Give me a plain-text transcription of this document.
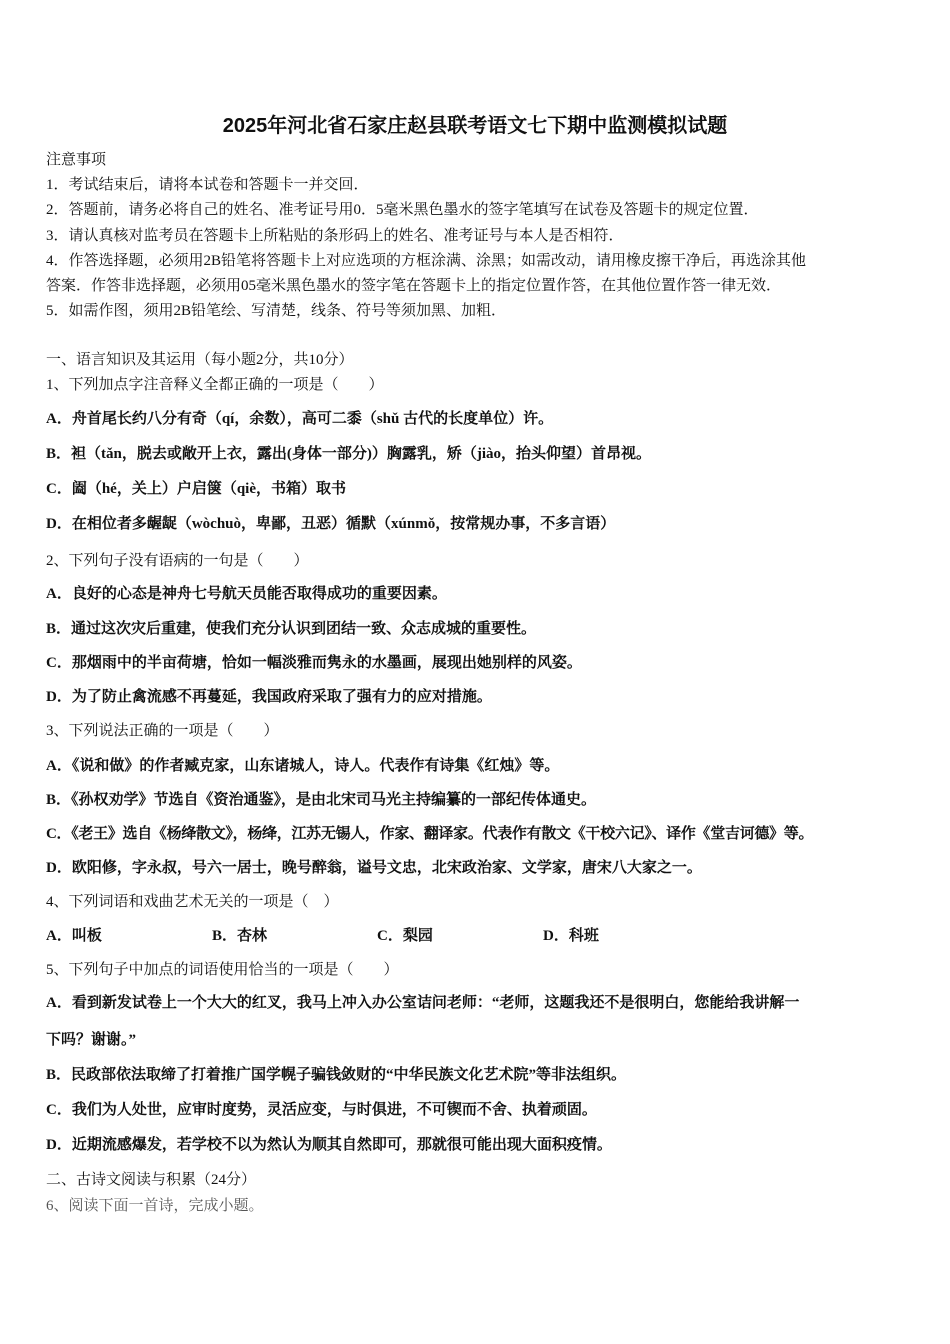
2025年河北省石家庄赵县联考语文七下期中监测模拟试题
注意事项
1．考试结束后，请将本试卷和答题卡一并交回．
2．答题前，请务必将自己的姓名、准考证号用0．5毫米黑色墨水的签字笔填写在试卷及答题卡的规定位置．
3．请认真核对监考员在答题卡上所粘贴的条形码上的姓名、准考证号与本人是否相符．
4．作答选择题，必须用2B铅笔将答题卡上对应选项的方框涂满、涂黑；如需改动，请用橡皮擦干净后，再选涂其他
答案．作答非选择题，必须用05毫米黑色墨水的签字笔在答题卡上的指定位置作答，在其他位置作答一律无效．
5．如需作图，须用2B铅笔绘、写清楚，线条、符号等须加黑、加粗．
一、语言知识及其运用（每小题2分，共10分）
1、下列加点字注音释义全都正确的一项是（　　）
A．舟首尾长约八分有奇（qí，余数），高可二黍（shǔ 古代的长度单位）许。
B．袒（tǎn，脱去或敞开上衣，露出(身体一部分)）胸露乳，矫（jiào，抬头仰望）首昂视。
C．阖（hé，关上）户启箧（qiè，书箱）取书
D．在相位者多龌龊（wòchuò，卑鄙，丑恶）循默（xúnmǒ，按常规办事，不多言语）
2、下列句子没有语病的一句是（　　）
A．良好的心态是神舟七号航天员能否取得成功的重要因素。
B．通过这次灾后重建，使我们充分认识到团结一致、众志成城的重要性。
C．那烟雨中的半亩荷塘，恰如一幅淡雅而隽永的水墨画，展现出她别样的风姿。
D．为了防止禽流感不再蔓延，我国政府采取了强有力的应对措施。
3、下列说法正确的一项是（　　）
A．《说和做》的作者臧克家，山东诸城人，诗人。代表作有诗集《红烛》等。
B．《孙权劝学》节选自《资治通鉴》，是由北宋司马光主持编纂的一部纪传体通史。
C．《老王》选自《杨绛散文》，杨绛，江苏无锡人，作家、翻译家。代表作有散文《干校六记》、译作《堂吉诃德》等。
D．欧阳修，字永叔，号六一居士，晚号醉翁，谥号文忠，北宋政治家、文学家，唐宋八大家之一。
4、下列词语和戏曲艺术无关的一项是（　）
A．叫板	B．杏林	C．梨园	D．科班
5、下列句子中加点的词语使用恰当的一项是（　　）
A．看到新发试卷上一个大大的红叉，我马上冲入办公室诘问老师：“老师，这题我还不是很明白，您能给我讲解一
下吗？谢谢。”
B．民政部依法取缔了打着推广国学幌子骗钱敛财的“中华民族文化艺术院”等非法组织。
C．我们为人处世，应审时度势，灵活应变，与时俱进，不可锲而不舍、执着顽固。
D．近期流感爆发，若学校不以为然认为顺其自然即可，那就很可能出现大面积疫情。
二、古诗文阅读与积累（24分）
6、阅读下面一首诗，完成小题。
